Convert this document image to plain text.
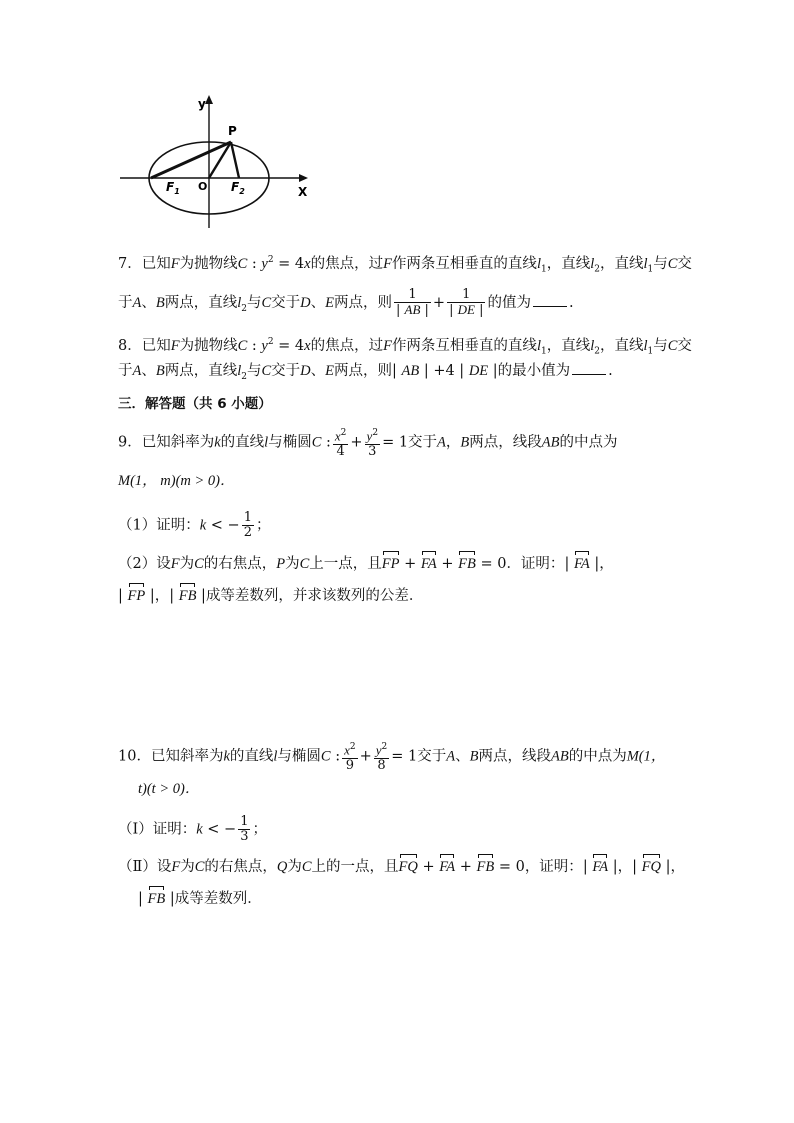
y
X
P
O
$F_1$	$F_2$
7．已知F为抛物线C : $y^2 = 4x$的焦点，过F作两条互相垂直的直线$l_1$，直线$l_2$，直线$l_1$与C交
于A、B两点，直线$l_2$与C交于D、E两点，则 $\frac{1}{| AB |} + \frac{1}{| DE |}$ 的值为	.
8．已知F为抛物线C : $y^2 = 4x$的焦点，过F作两条互相垂直的直线$l_1$，直线$l_2$，直线$l_1$与C交
于A、B两点，直线$l_2$与C交于D、E两点，则| AB | +4 | DE |的最小值为	.
三．解答题（共 6 小题）
9．已知斜率为k的直线l与椭圆C : $\frac{x^2}{4} + \frac{y^2}{3} = 1$交于A，B两点，线段AB的中点为
M(1， m)(m > 0)．
（1）证明：k < − $\frac{1}{2}$ ；
（2）设F为C的右焦点，P为C上一点，且FP + FA + FB = 0．证明：| FA |，
| FP |，| FB |成等差数列，并求该数列的公差．
10．已知斜率为k的直线l与椭圆C : $\frac{x^2}{9} + \frac{y^2}{8} = 1$交于A、B两点，线段AB的中点为M(1，
t)(t > 0)．
（Ⅰ）证明：k < − $\frac{1}{3}$ ；
（Ⅱ）设F为C的右焦点，Q为C上的一点，且FQ + FA + FB = 0，证明：| FA |，| FQ |，
| FB |成等差数列．
